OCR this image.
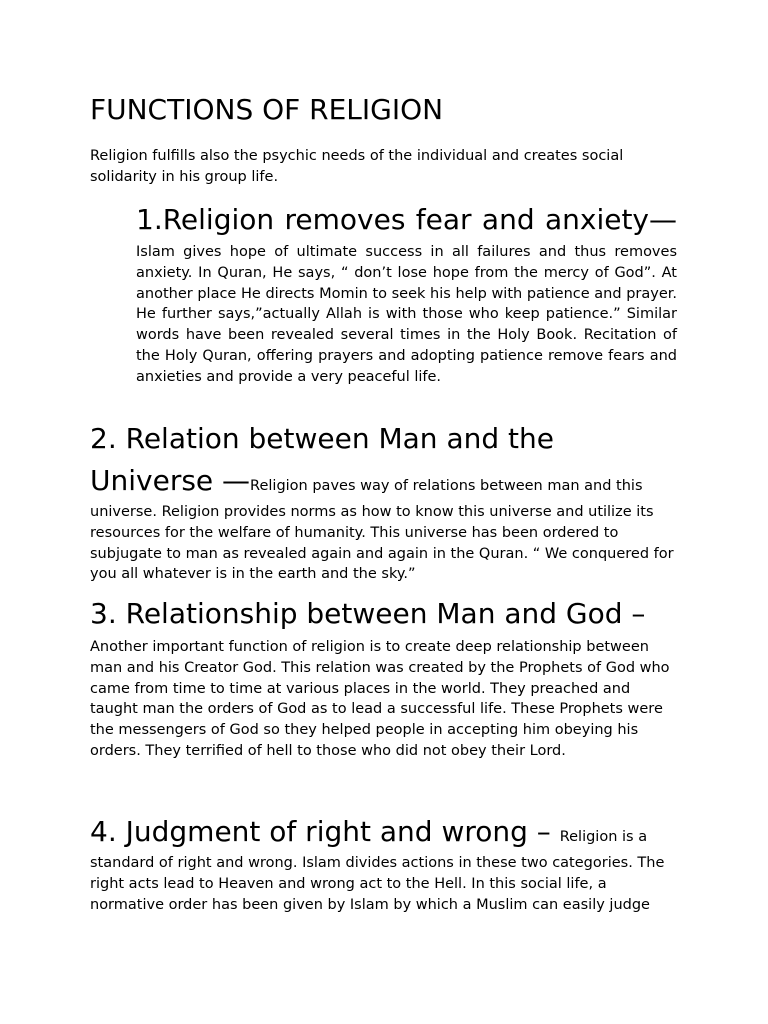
FUNCTIONS OF RELIGION

Religion fulfills also the psychic needs of the individual and creates social solidarity in his group life.

1.Religion removes fear and anxiety—Islam gives hope of ultimate success in all failures and thus removes anxiety. In Quran, He says, “ don’t lose hope from the mercy of God”. At another place He directs Momin to seek his help with patience and prayer. He further says,”actually Allah is with those who keep patience.” Similar words have been revealed several times in the Holy Book. Recitation of the Holy Quran, offering prayers and adopting patience remove fears and anxieties and provide a very peaceful life.

2. Relation between Man and the Universe —Religion paves way of relations between man and this universe. Religion provides norms as how to know this universe and utilize its resources for the welfare of humanity. This universe has been ordered to subjugate to man as revealed again and again in the Quran. “ We conquered for you all whatever is in the earth and the sky.”

3. Relationship between Man and God – Another important function of religion is to create deep relationship between man and his Creator God. This relation was created by the Prophets of God who came from time to time at various places in the world. They preached and taught man the orders of God as to lead a successful life. These Prophets were the messengers of God so they helped people in accepting him obeying his orders. They terrified of hell to those who did not obey their Lord.

4. Judgment of right and wrong – Religion is a standard of right and wrong. Islam divides actions in these two categories. The right acts lead to Heaven and wrong act to the Hell. In this social life, a normative order has been given by Islam by which a Muslim can easily judge
